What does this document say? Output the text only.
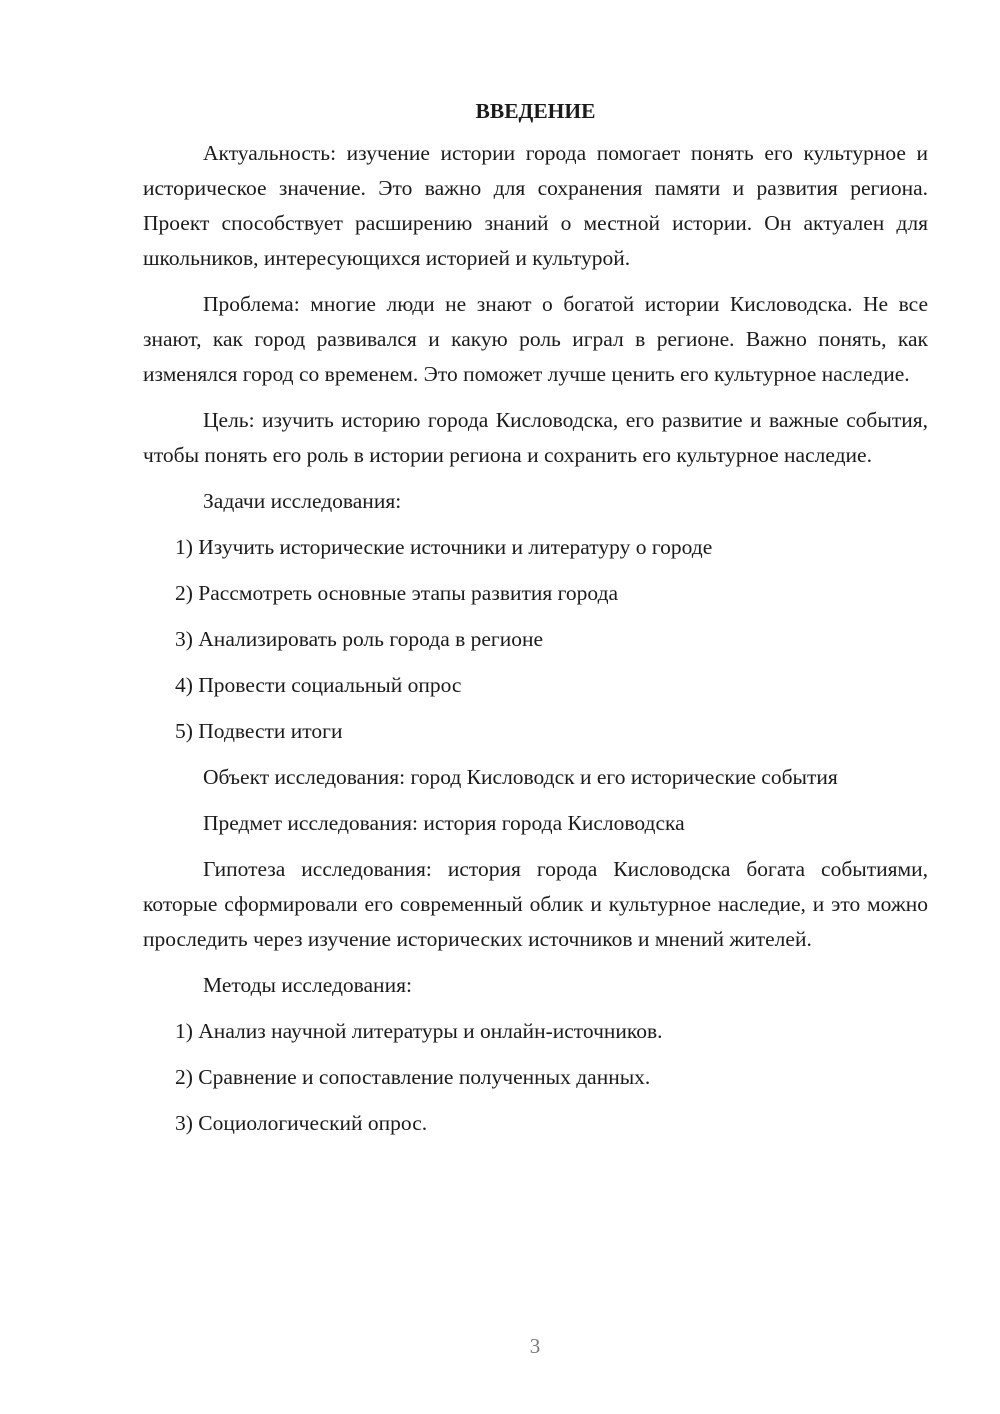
ВВЕДЕНИЕ

Актуальность: изучение истории города помогает понять его культурное и историческое значение. Это важно для сохранения памяти и развития региона. Проект способствует расширению знаний о местной истории. Он актуален для школьников, интересующихся историей и культурой.

Проблема: многие люди не знают о богатой истории Кисловодска. Не все знают, как город развивался и какую роль играл в регионе. Важно понять, как изменялся город со временем. Это поможет лучше ценить его культурное наследие.

Цель: изучить историю города Кисловодска, его развитие и важные события, чтобы понять его роль в истории региона и сохранить его культурное наследие.

Задачи исследования:

1) Изучить исторические источники и литературу о городе

2) Рассмотреть основные этапы развития города

3) Анализировать роль города в регионе

4) Провести социальный опрос

5) Подвести итоги

Объект исследования: город Кисловодск и его исторические события

Предмет исследования: история города Кисловодска

Гипотеза исследования: история города Кисловодска богата событиями, которые сформировали его современный облик и культурное наследие, и это можно проследить через изучение исторических источников и мнений жителей.

Методы исследования:

1) Анализ научной литературы и онлайн-источников.

2) Сравнение и сопоставление полученных данных.

3) Социологический опрос.

3
